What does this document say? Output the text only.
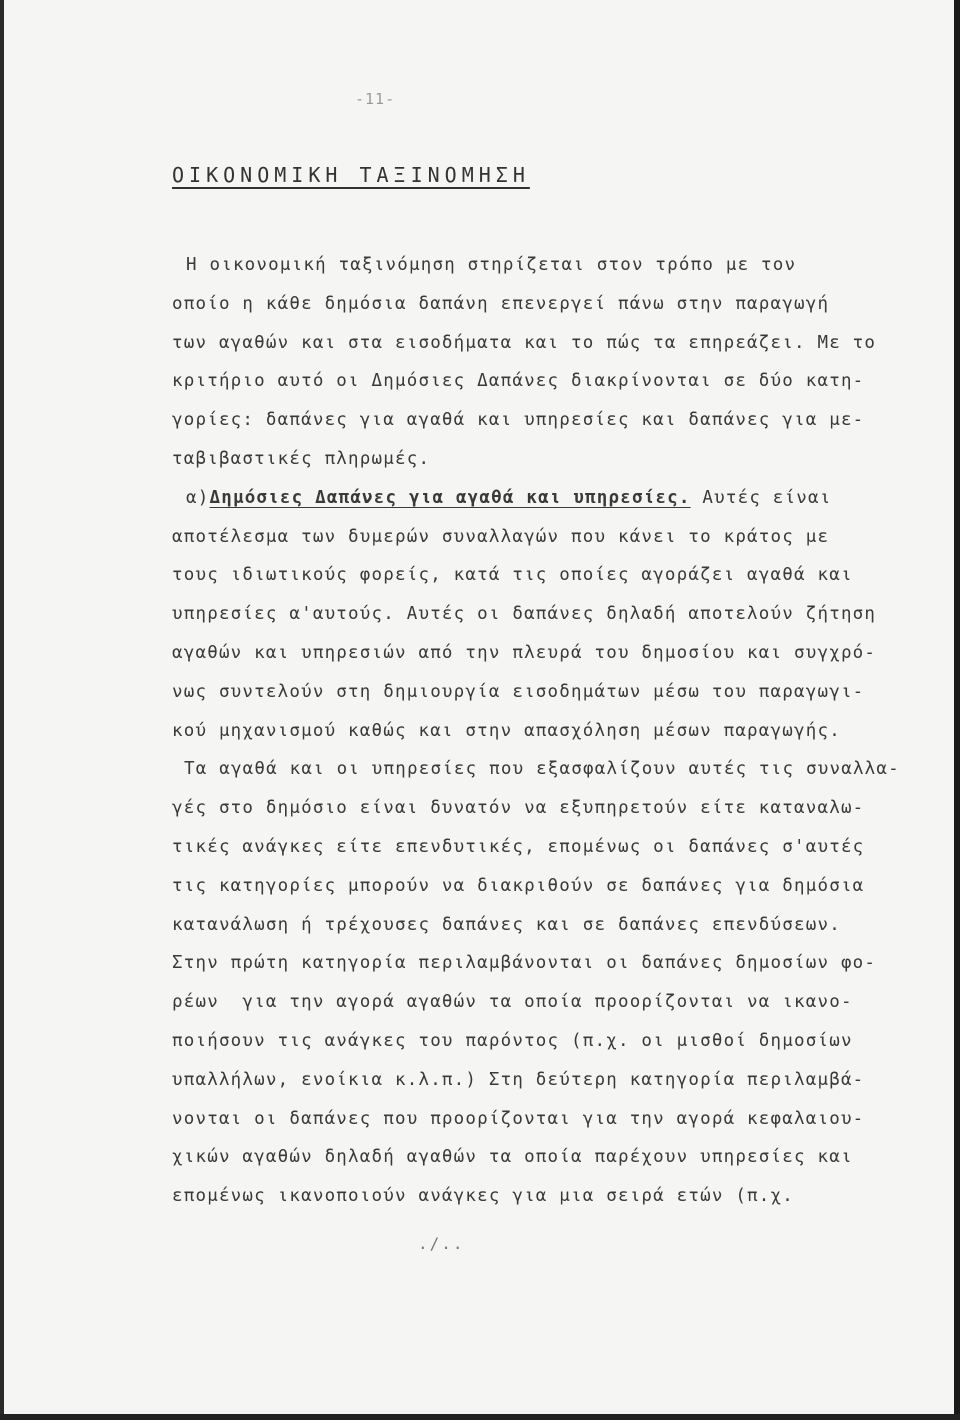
-11-
ΟΙΚΟΝΟΜΙΚΗ ΤΑΞΙΝΟΜΗΣΗ
Η οικονομική ταξινόμηση στηρίζεται στον τρόπο με τον
οποίο η κάθε δημόσια δαπάνη επενεργεί πάνω στην παραγωγή
των αγαθών και στα εισοδήματα και το πώς τα επηρεάζει. Με το
κριτήριο αυτό οι Δημόσιες Δαπάνες διακρίνονται σε δύο κατη-
γορίες: δαπάνες για αγαθά και υπηρεσίες και δαπάνες για με-
ταβιβαστικές πληρωμές.
α)Δημόσιες Δαπάνες για αγαθά και υπηρεσίες. Αυτές είναι
αποτέλεσμα των δυμερών συναλλαγών που κάνει το κράτος με
τους ιδιωτικούς φορείς, κατά τις οποίες αγοράζει αγαθά και
υπηρεσίες α'αυτούς. Αυτές οι δαπάνες δηλαδή αποτελούν ζήτηση
αγαθών και υπηρεσιών από την πλευρά του δημοσίου και συγχρό-
νως συντελούν στη δημιουργία εισοδημάτων μέσω του παραγωγι-
κού μηχανισμού καθώς και στην απασχόληση μέσων παραγωγής.
Τα αγαθά και οι υπηρεσίες που εξασφαλίζουν αυτές τις συναλλα-
γές στο δημόσιο είναι δυνατόν να εξυπηρετούν είτε καταναλω-
τικές ανάγκες είτε επενδυτικές, επομένως οι δαπάνες σ'αυτές
τις κατηγορίες μπορούν να διακριθούν σε δαπάνες για δημόσια
κατανάλωση ή τρέχουσες δαπάνες και σε δαπάνες επενδύσεων.
Στην πρώτη κατηγορία περιλαμβάνονται οι δαπάνες δημοσίων φο-
ρέων  για την αγορά αγαθών τα οποία προορίζονται να ικανο-
ποιήσουν τις ανάγκες του παρόντος (π.χ. οι μισθοί δημοσίων
υπαλλήλων, ενοίκια κ.λ.π.) Στη δεύτερη κατηγορία περιλαμβά-
νονται οι δαπάνες που προορίζονται για την αγορά κεφαλαιου-
χικών αγαθών δηλαδή αγαθών τα οποία παρέχουν υπηρεσίες και
επομένως ικανοποιούν ανάγκες για μια σειρά ετών (π.χ.
./..
